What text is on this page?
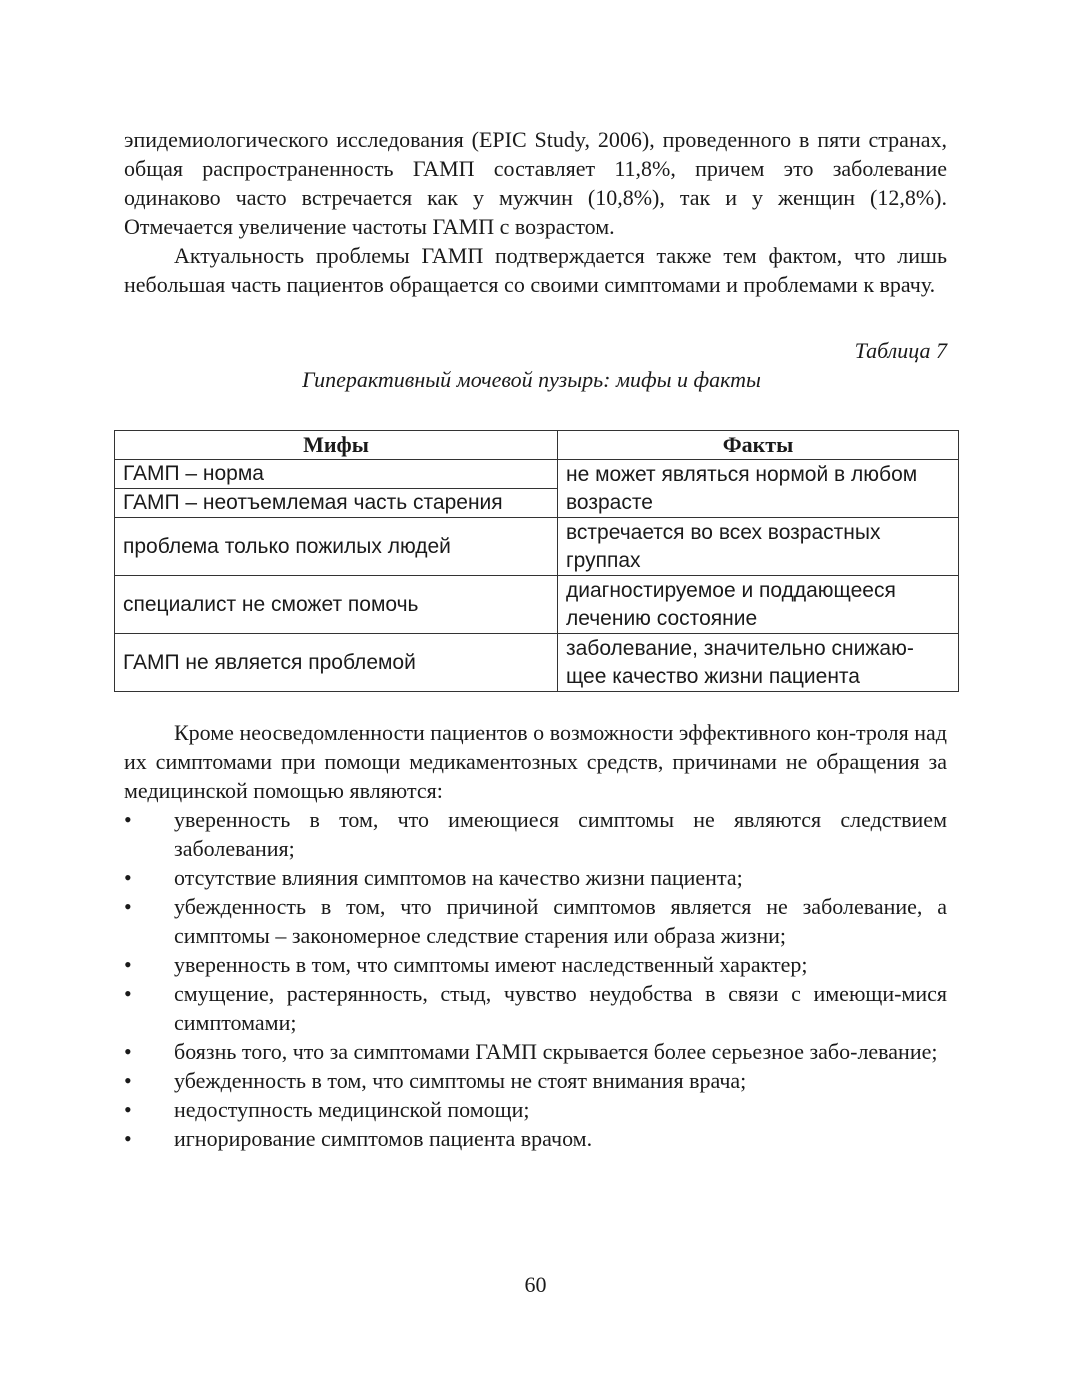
эпидемиологического исследования (EPIC Study, 2006), проведенного в пяти странах, общая распространенность ГАМП составляет 11,8%, причем это заболевание одинаково часто встречается как у мужчин (10,8%), так и у женщин (12,8%). Отмечается увеличение частоты ГАМП с возрастом.

Актуальность проблемы ГАМП подтверждается также тем фактом, что лишь небольшая часть пациентов обращается со своими симптомами и проблемами к врачу.

Таблица 7
Гиперактивный мочевой пузырь: мифы и факты
Мифы	Факты
ГАМП – норма	не может являться нормой в любом возрасте
ГАМП – неотъемлемая часть старения	
проблема только пожилых людей	встречается во всех возрастных группах
специалист не сможет помочь	диагностируемое и поддающееся лечению состояние
ГАМП не является проблемой	заболевание, значительно снижаю-щее качество жизни пациента

Кроме неосведомленности пациентов о возможности эффективного кон-троля над их симптомами при помощи медикаментозных средств, причинами не обращения за медицинской помощью являются:

•	уверенность в том, что имеющиеся симптомы не являются следствием заболевания;
•	отсутствие влияния симптомов на качество жизни пациента;
•	убежденность в том, что причиной симптомов является не заболевание, а симптомы – закономерное следствие старения или образа жизни;
•	уверенность в том, что симптомы имеют наследственный характер;
•	смущение, растерянность, стыд, чувство неудобства в связи с имеющи-мися симптомами;
•	боязнь того, что за симптомами ГАМП скрывается более серьезное забо-левание;
•	убежденность в том, что симптомы не стоят внимания врача;
•	недоступность медицинской помощи;
•	игнорирование симптомов пациента врачом.
60
